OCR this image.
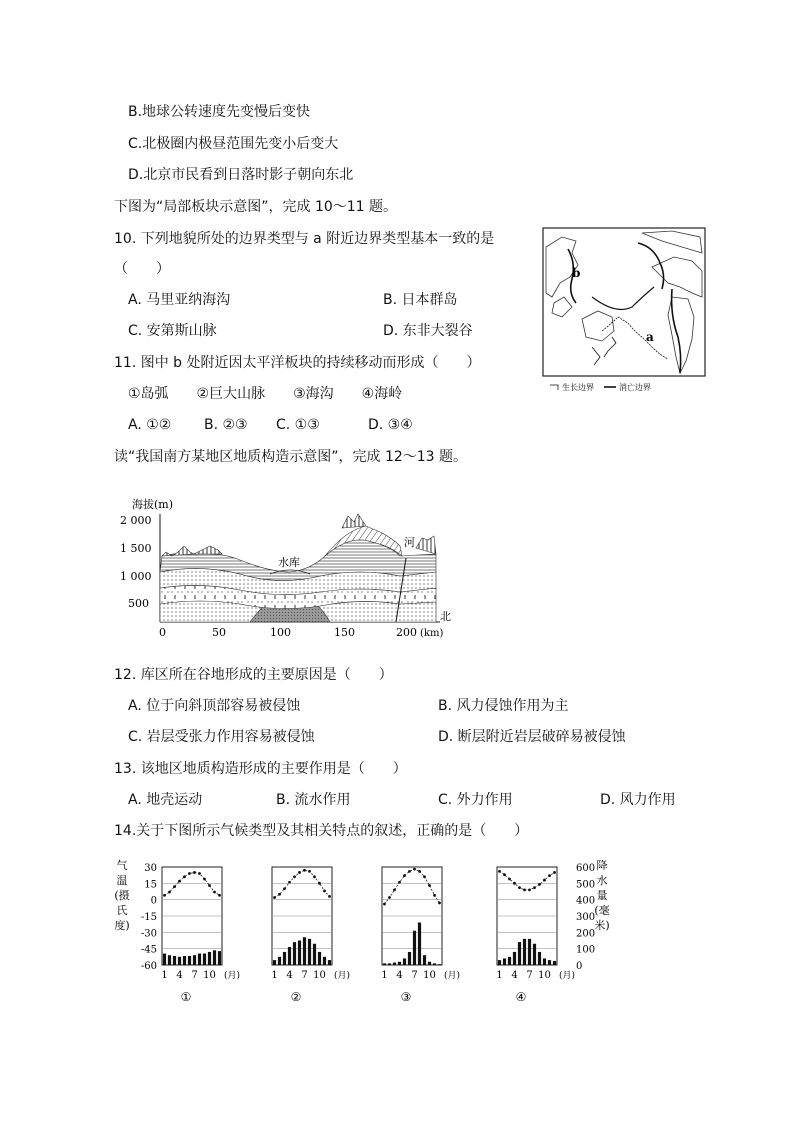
B.地球公转速度先变慢后变快
C.北极圈内极昼范围先变小后变大
D.北京市民看到日落时影子朝向东北
下图为“局部板块示意图”，完成 10～11 题。
10. 下列地貌所处的边界类型与 a 附近边界类型基本一致的是
（　　）
A. 马里亚纳海沟	B. 日本群岛
C. 安第斯山脉	D. 东非大裂谷
11. 图中 b 处附近因太平洋板块的持续移动而形成（　　）
①岛弧　　②巨大山脉　　③海沟　　④海岭
A. ①② B. ②③ C. ①③	D. ③④
b
a
生长边界	消亡边界
读“我国南方某地区地质构造示意图”，完成 12～13 题。
海拔(m)
2 000
1 500
1 000
500
0	50	100	150	200 (km)
水库
河
北
12. 库区所在谷地形成的主要原因是（　　）
A. 位于向斜顶部容易被侵蚀	B. 风力侵蚀作用为主
C. 岩层受张力作用容易被侵蚀	D. 断层附近岩层破碎易被侵蚀
13. 该地区地质构造形成的主要作用是（　　）
A. 地壳运动	B. 流水作用	C. 外力作用	D. 风力作用
14.关于下图所示气候类型及其相关特点的叙述，正确的是（　　）
气
温
(摄
氏
度)
30
15
0
-15
-30
-45
-60
600
500
400
300
200
100
0
降
水
量
(毫
米)
1 4 7 10 (月)
①
1 4 7 10 (月)
②
1 4 7 10 (月)
③
1 4 7 10 (月)
④
